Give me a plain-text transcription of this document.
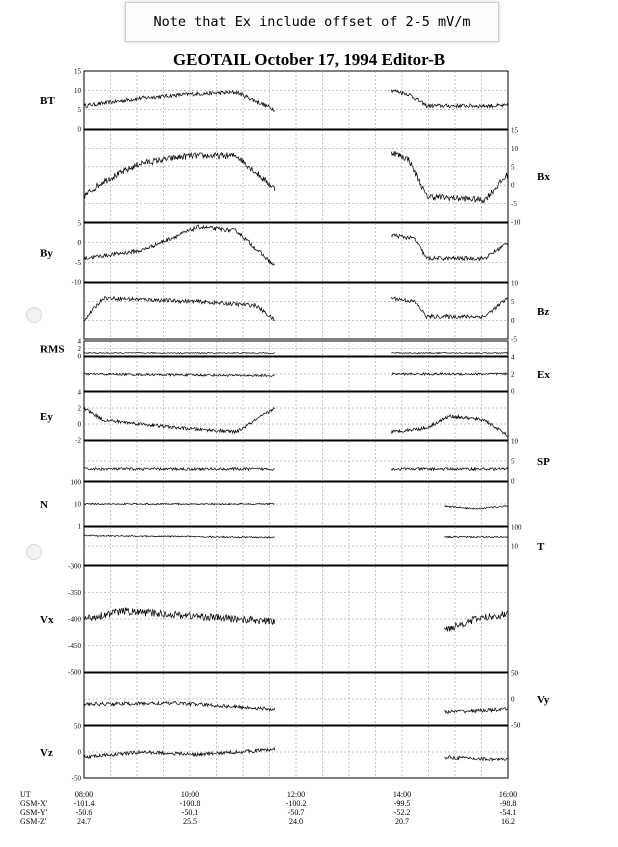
Note that Ex include offset of 2-5 mV/m
GEOTAIL October 17, 1994 Editor-B
0
5
10
15
BT
-10
-5
0
5
10
15
Bx
-10
-5
0
5
By
-5
0
5
10
Bz
0
2
4
RMS
0
2
4
Ex
-2
0
2
4
Ey
0
5
10
SP
1
10
100
N
10
100
T
-500
-450
-400
-350
-300
Vx
-50
0
50
Vy
-50
0
50
Vz
UT
GSM-X'
GSM-Y'
GSM-Z'
08:00
-101.4
-50.6
24.7
10:00
-100.8
-50.1
25.5
12:00
-100.2
-50.7
24.0
14:00
-99.5
-52.2
20.7
16:00
-98.8
-54.1
16.2
